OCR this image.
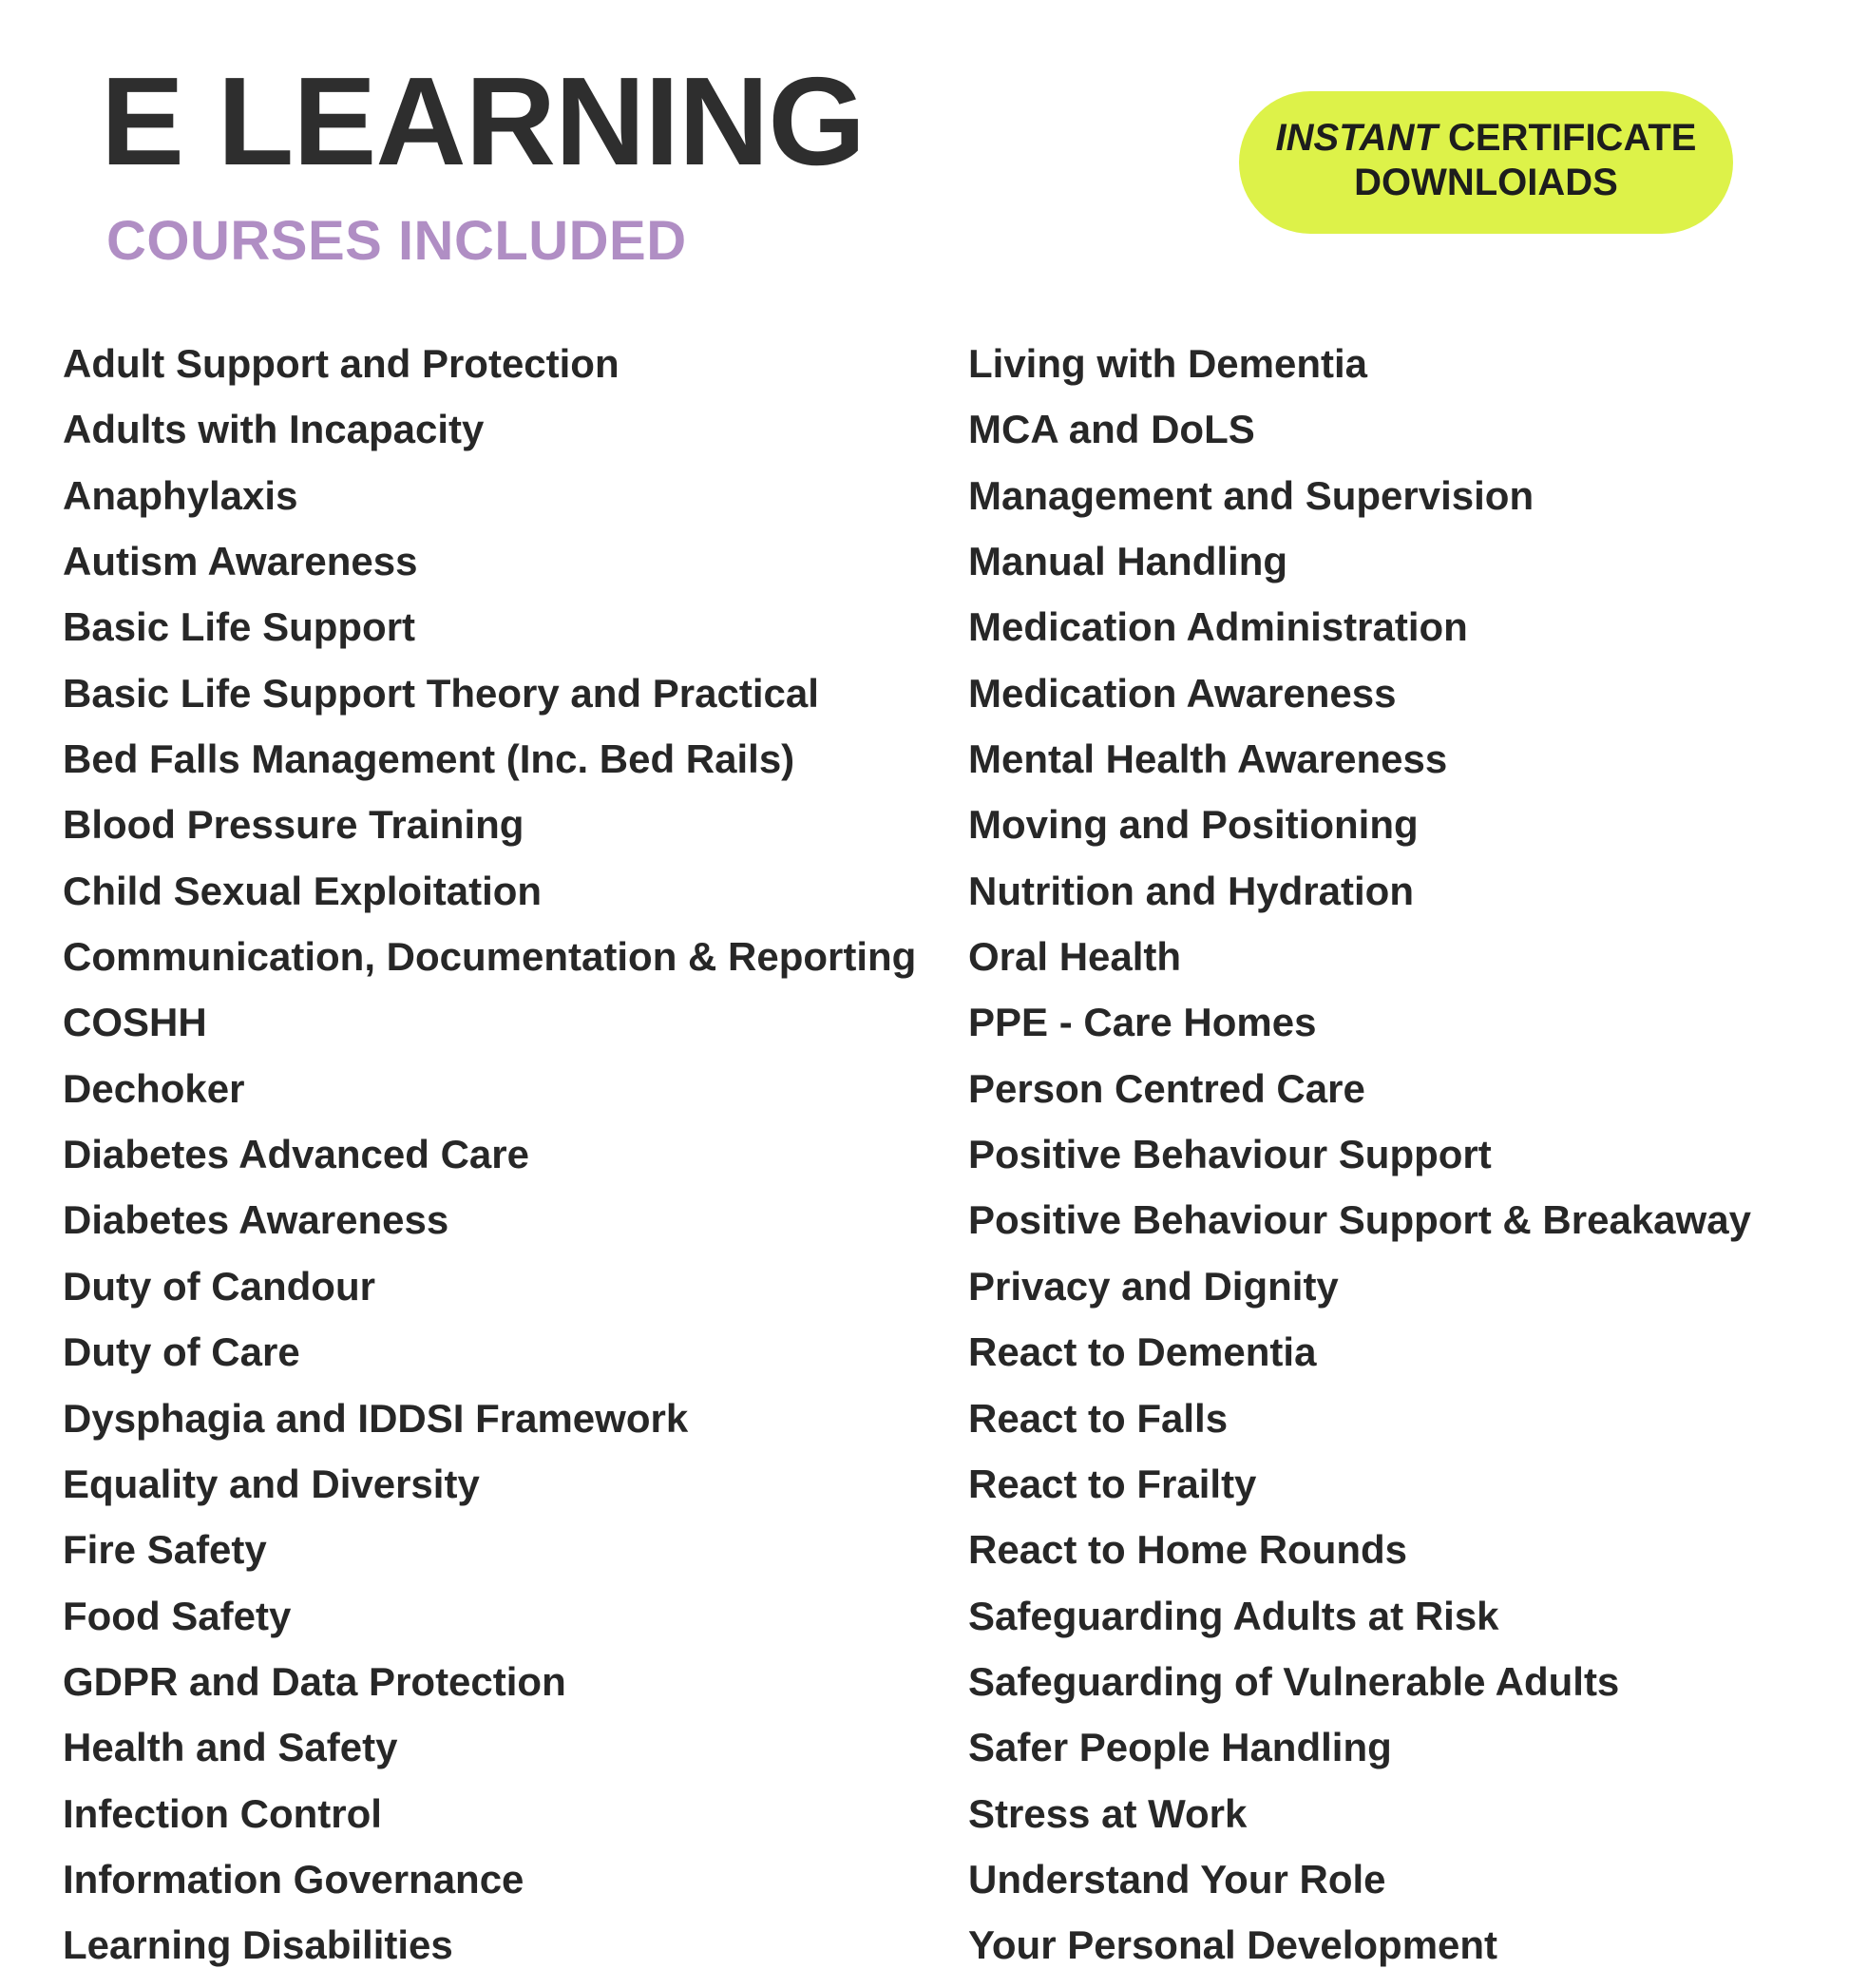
E LEARNING
COURSES INCLUDED
INSTANT CERTIFICATE DOWNLOIADS
Adult Support and Protection
Adults with Incapacity
Anaphylaxis
Autism Awareness
Basic Life Support
Basic Life Support Theory and Practical
Bed Falls Management (Inc. Bed Rails)
Blood Pressure Training
Child Sexual Exploitation
Communication, Documentation & Reporting
COSHH
Dechoker
Diabetes Advanced Care
Diabetes Awareness
Duty of Candour
Duty of Care
Dysphagia and IDDSI Framework
Equality and Diversity
Fire Safety
Food Safety
GDPR and Data Protection
Health and Safety
Infection Control
Information Governance
Learning Disabilities
Living with Dementia
MCA and DoLS
Management and Supervision
Manual Handling
Medication Administration
Medication Awareness
Mental Health Awareness
Moving and Positioning
Nutrition and Hydration
Oral Health
PPE - Care Homes
Person Centred Care
Positive Behaviour Support
Positive Behaviour Support & Breakaway
Privacy and Dignity
React to Dementia
React to Falls
React to Frailty
React to Home Rounds
Safeguarding Adults at Risk
Safeguarding of Vulnerable Adults
Safer People Handling
Stress at Work
Understand Your Role
Your Personal Development
